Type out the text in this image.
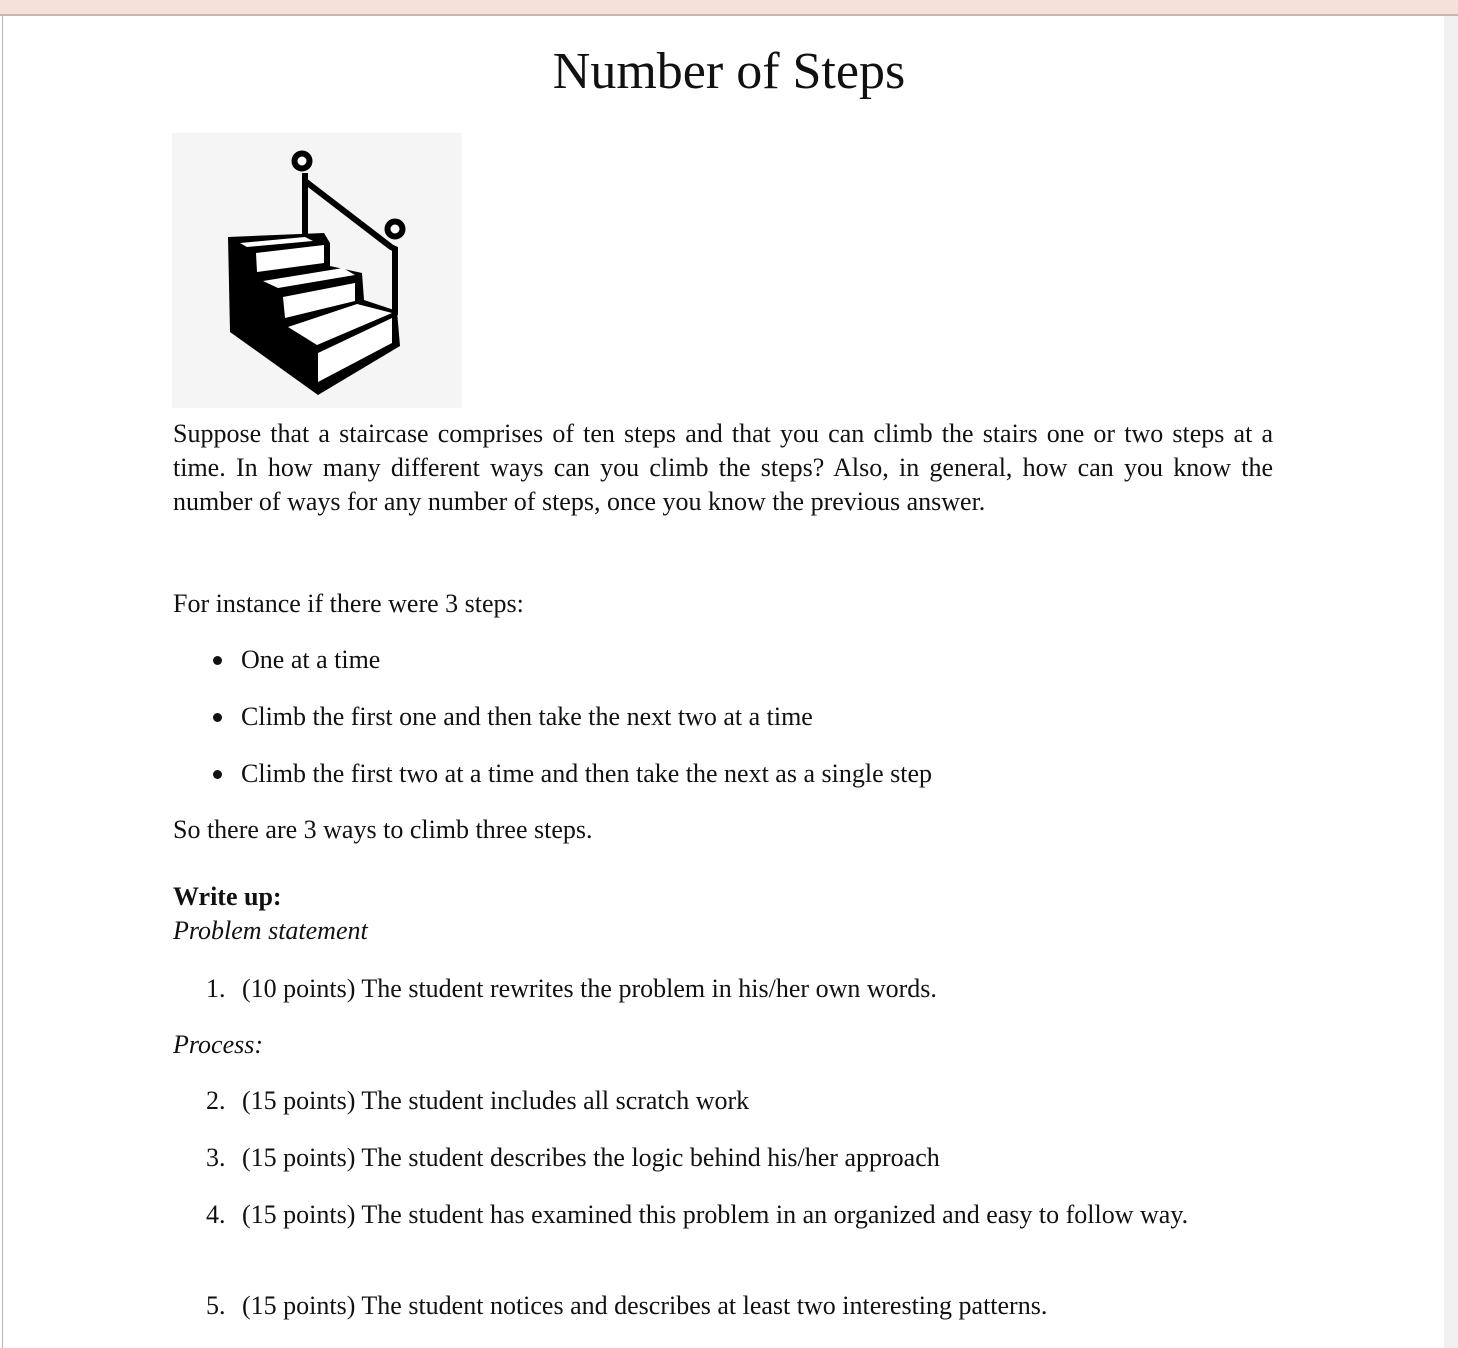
Number of Steps
Suppose that a staircase comprises of ten steps and that you can climb the stairs one or two steps at a time. In how many different ways can you climb the steps? Also, in general, how can you know the number of ways for any number of steps, once you know the previous answer.
For instance if there were 3 steps:
One at a time
Climb the first one and then take the next two at a time
Climb the first two at a time and then take the next as a single step
So there are 3 ways to climb three steps.
Write up:
Problem statement
1. (10 points) The student rewrites the problem in his/her own words.
Process:
2. (15 points) The student includes all scratch work
3. (15 points) The student describes the logic behind his/her approach
4. (15 points) The student has examined this problem in an organized and easy to follow way.
5. (15 points) The student notices and describes at least two interesting patterns.
